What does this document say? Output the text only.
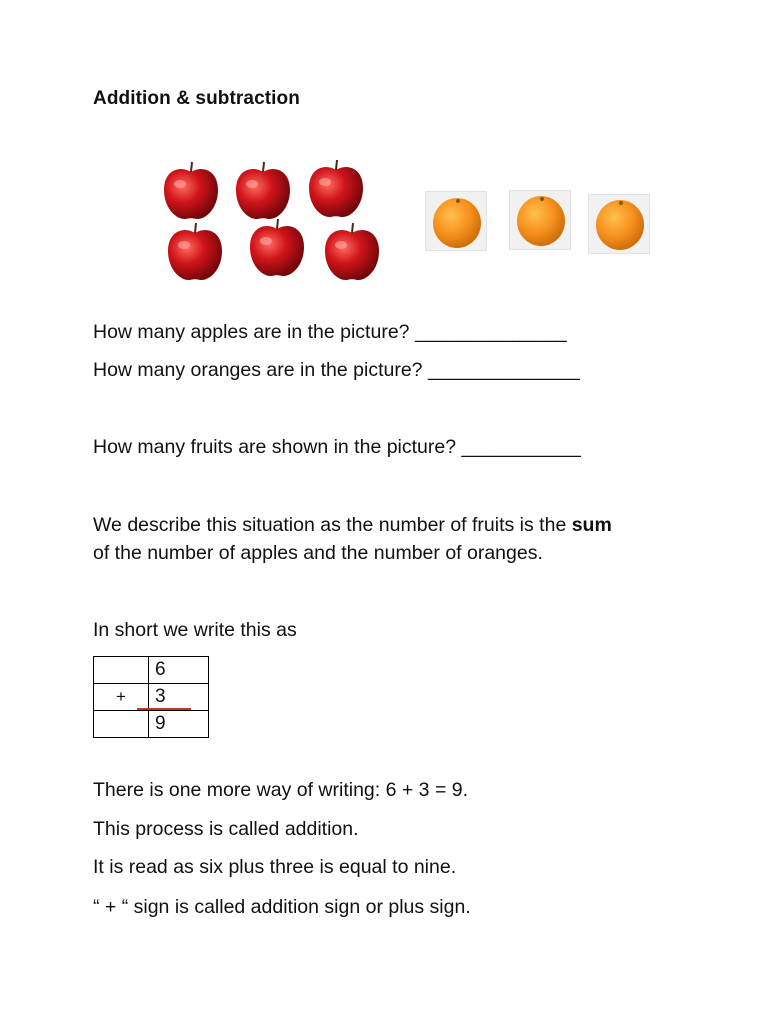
Addition & subtraction
How many apples are in the picture? ______________
How many oranges are in the picture? ______________
How many fruits are shown in the picture? ___________
We describe this situation as the number of fruits is the sum
of the number of apples and the number of oranges.
In short we write this as
	6
+	3

	9
There is one more way of writing: 6 + 3 = 9.
This process is called addition.
It is read as six plus three is equal to nine.
“ + “ sign is called addition sign or plus sign.
